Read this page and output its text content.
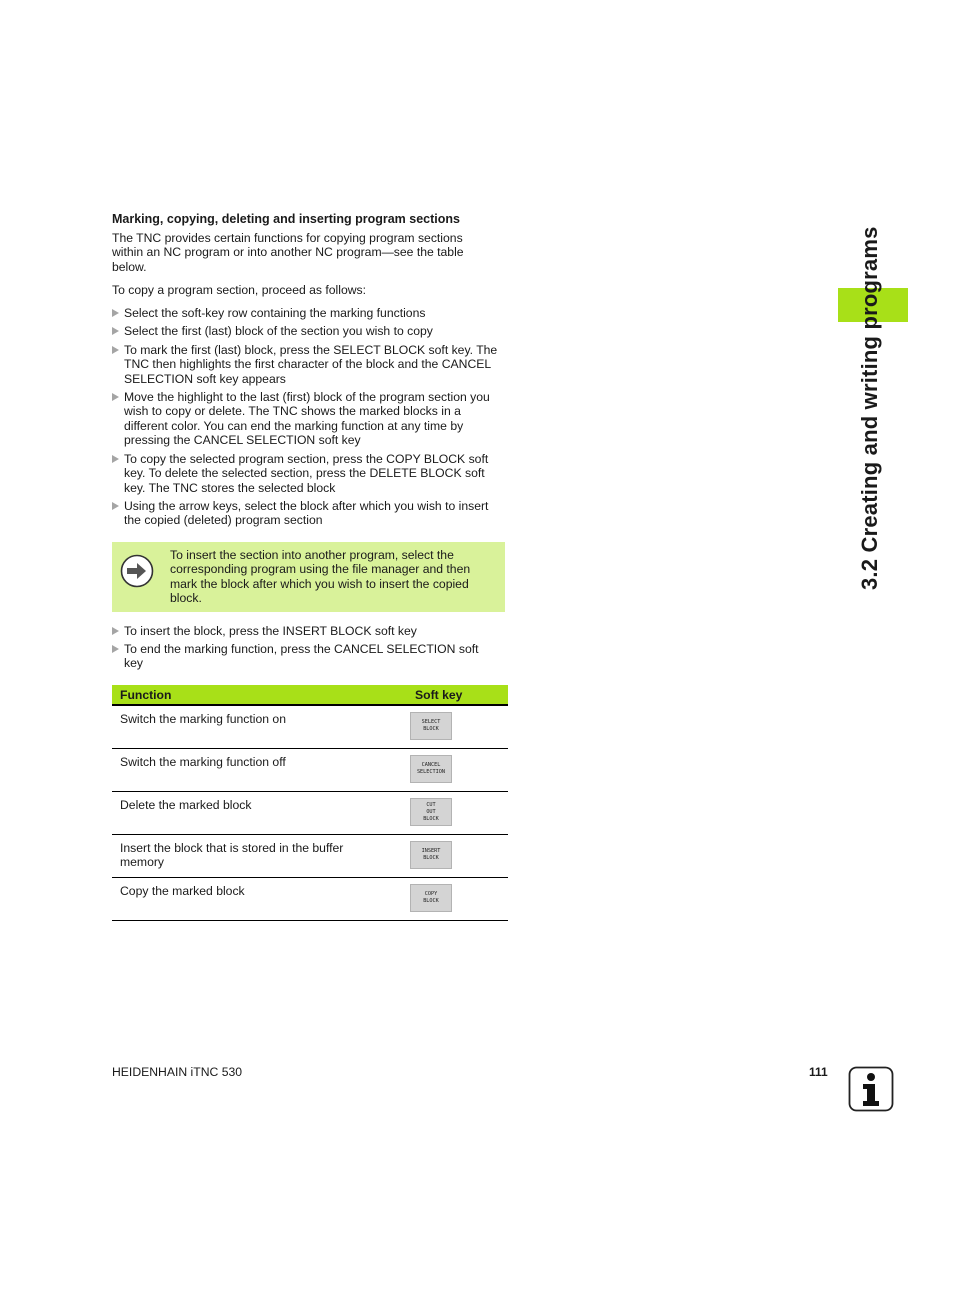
3.2 Creating and writing programs
Marking, copying, deleting and inserting program sections
The TNC provides certain functions for copying program sections
within an NC program or into another NC program—see the table
below.
To copy a program section, proceed as follows:
Select the soft-key row containing the marking functions
Select the first (last) block of the section you wish to copy
To mark the first (last) block, press the SELECT BLOCK soft key. The
TNC then highlights the first character of the block and the CANCEL
SELECTION soft key appears
Move the highlight to the last (first) block of the program section you
wish to copy or delete. The TNC shows the marked blocks in a
different color. You can end the marking function at any time by
pressing the CANCEL SELECTION soft key
To copy the selected program section, press the COPY BLOCK soft
key. To delete the selected section, press the DELETE BLOCK soft
key. The TNC stores the selected block
Using the arrow keys, select the block after which you wish to insert
the copied (deleted) program section
To insert the section into another program, select the
corresponding program using the file manager and then
mark the block after which you wish to insert the copied
block.
To insert the block, press the INSERT BLOCK soft key
To end the marking function, press the CANCEL SELECTION soft
key
Function	Soft key
Switch the marking function on	SELECT
BLOCK

Switch the marking function off	CANCEL
SELECTION

Delete the marked block	CUT
OUT
BLOCK

Insert the block that is stored in the buffer
memory	INSERT
BLOCK

Copy the marked block	COPY
BLOCK
HEIDENHAIN iTNC 530	111
